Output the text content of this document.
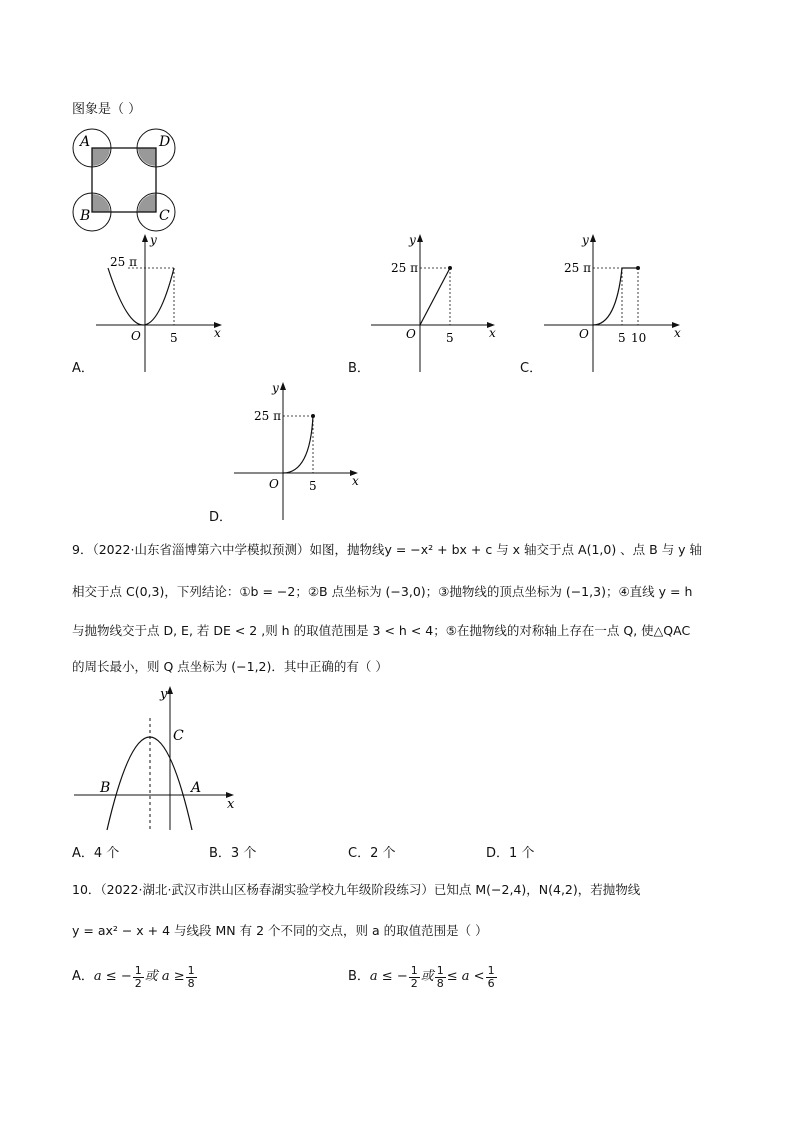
图象是（ ）
A	D
B	C
y
x
O 5
25 π
A．
y
x
O	5
25 π
B．
y
x
O 5 10
25 π
C．
y
x
O	5
25 π
D．
9．（2022·山东省淄博第六中学模拟预测）如图，抛物线y = −x² + bx + c 与 x 轴交于点 A(1,0) 、点 B 与 y 轴
相交于点 C(0,3)，下列结论：①b = −2；②B 点坐标为 (−3,0)；③抛物线的顶点坐标为 (−1,3)；④直线 y = h
与抛物线交于点 D, E, 若 DE < 2 ,则 h 的取值范围是 3 < h < 4；⑤在抛物线的对称轴上存在一点 Q, 使△QAC
的周长最小，则 Q 点坐标为 (−1,2)．其中正确的有（ ）
y
x
C
B	A
A．4 个	B．3 个	C．2 个	D．1 个
10．（2022·湖北·武汉市洪山区杨春湖实验学校九年级阶段练习）已知点 M(−2,4)，N(4,2)，若抛物线
y = ax² − x + 4 与线段 MN 有 2 个不同的交点，则 a 的取值范围是（ ）
A． a ≤ − $\frac{1}{2}$ 或 $a \ge \frac{1}{8}$	B． a ≤ − $\frac{1}{2}$ 或 $\frac{1}{8} \le a < \frac{1}{6}$
